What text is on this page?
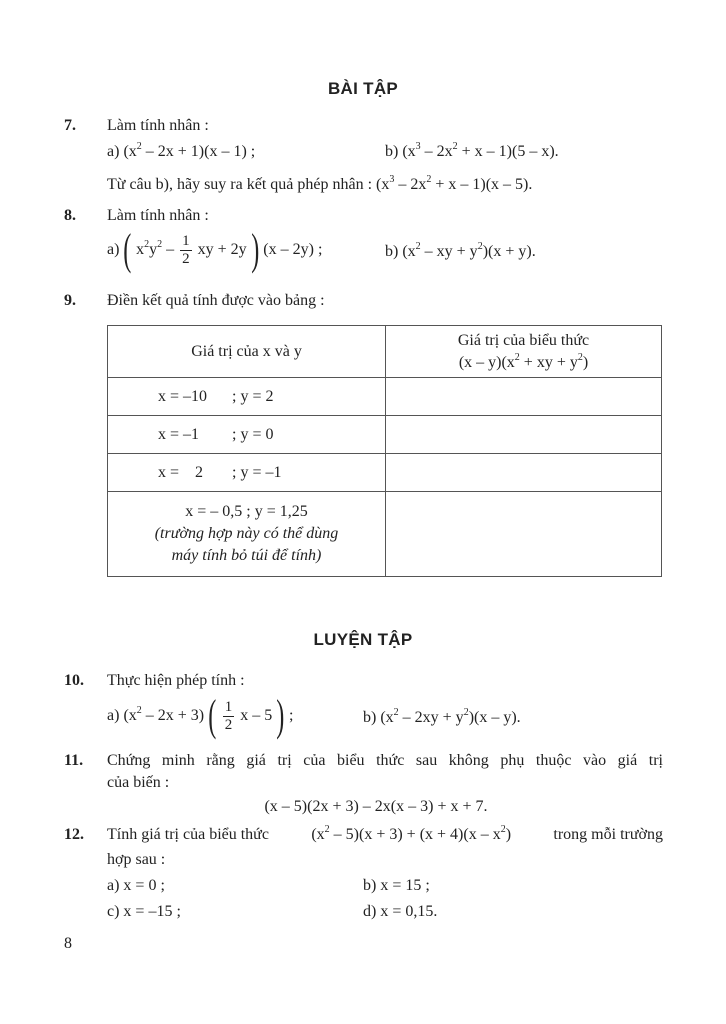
BÀI TẬP
7. Làm tính nhân :
a) $(x^2 - 2x + 1)(x - 1)$ ;	b) $(x^3 - 2x^2 + x - 1)(5 - x)$.
Từ câu b), hãy suy ra kết quả phép nhân : $(x^3 - 2x^2 + x - 1)(x - 5)$.
8. Làm tính nhân :
a) ( $x^2y^2 - \frac{1}{2}$ xy + 2y ) (x – 2y) ;	b) ($x^2$ – xy + $y^2)(x + y)$.
9. Điền kết quả tính được vào bảng :
Giá trị của x và y	Giá trị của biểu thức
$(x - y)(x^2$ + xy + $y^2$)
x = –10 ; y = 2	
x = –1 ; y = 0	
x =    2 ; y = –1	
x = – 0,5 ; y = 1,25
(trường hợp này có thể dùng
máy tính bỏ túi để tính)	
LUYỆN TẬP
10. Thực hiện phép tính :
a) $(x^2 - 2x + 3)$ ( $\frac{1}{2}$ x – 5 ) ;	b) $(x^2 - 2xy + y^2)(x - y)$.
11. Chứng minh rằng giá trị của biểu thức sau không phụ thuộc vào giá trị
của biến :
(x – 5)(2x + 3) – 2x(x – 3) + x + 7.
12. Tính giá trị của biểu thức	$(x^2 - 5)(x + 3) + (x + 4)(x - x^2)$	trong mỗi trường
hợp sau :
a) x = 0 ;	b) x = 15 ;
c) x = –15 ;	d) x = 0,15.
8
